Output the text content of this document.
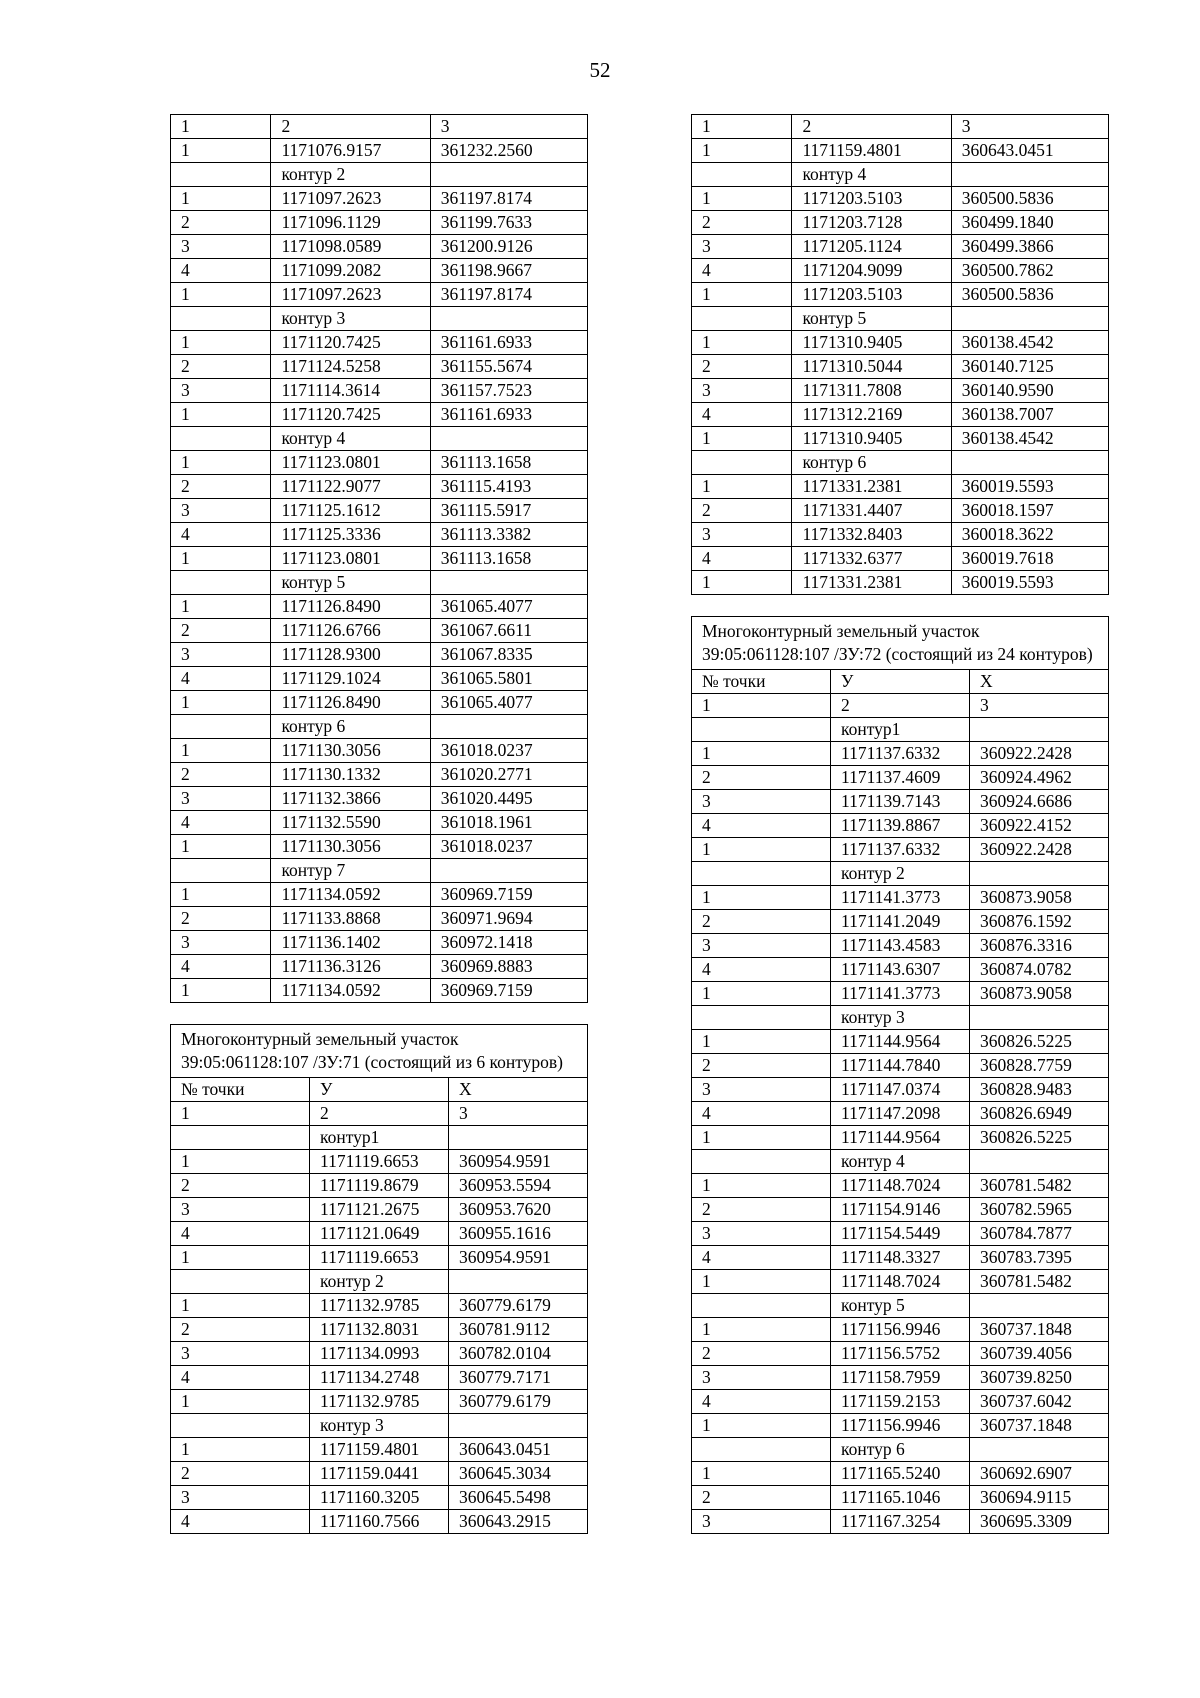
52
1	2	3
1	1171076.9157	361232.2560
	контур 2	
1	1171097.2623	361197.8174
2	1171096.1129	361199.7633
3	1171098.0589	361200.9126
4	1171099.2082	361198.9667
1	1171097.2623	361197.8174
	контур 3	
1	1171120.7425	361161.6933
2	1171124.5258	361155.5674
3	1171114.3614	361157.7523
1	1171120.7425	361161.6933
	контур 4	
1	1171123.0801	361113.1658
2	1171122.9077	361115.4193
3	1171125.1612	361115.5917
4	1171125.3336	361113.3382
1	1171123.0801	361113.1658
	контур 5	
1	1171126.8490	361065.4077
2	1171126.6766	361067.6611
3	1171128.9300	361067.8335
4	1171129.1024	361065.5801
1	1171126.8490	361065.4077
	контур 6	
1	1171130.3056	361018.0237
2	1171130.1332	361020.2771
3	1171132.3866	361020.4495
4	1171132.5590	361018.1961
1	1171130.3056	361018.0237
	контур 7	
1	1171134.0592	360969.7159
2	1171133.8868	360971.9694
3	1171136.1402	360972.1418
4	1171136.3126	360969.8883
1	1171134.0592	360969.7159
Многоконтурный земельный участок 39:05:061128:107 /ЗУ:71 (состоящий из 6 контуров)		
№ точки	У	Х
1	2	3
	контур1	
1	1171119.6653	360954.9591
2	1171119.8679	360953.5594
3	1171121.2675	360953.7620
4	1171121.0649	360955.1616
1	1171119.6653	360954.9591
	контур 2	
1	1171132.9785	360779.6179
2	1171132.8031	360781.9112
3	1171134.0993	360782.0104
4	1171134.2748	360779.7171
1	1171132.9785	360779.6179
	контур 3	
1	1171159.4801	360643.0451
2	1171159.0441	360645.3034
3	1171160.3205	360645.5498
4	1171160.7566	360643.2915
1	2	3
1	1171159.4801	360643.0451
	контур 4	
1	1171203.5103	360500.5836
2	1171203.7128	360499.1840
3	1171205.1124	360499.3866
4	1171204.9099	360500.7862
1	1171203.5103	360500.5836
	контур 5	
1	1171310.9405	360138.4542
2	1171310.5044	360140.7125
3	1171311.7808	360140.9590
4	1171312.2169	360138.7007
1	1171310.9405	360138.4542
	контур 6	
1	1171331.2381	360019.5593
2	1171331.4407	360018.1597
3	1171332.8403	360018.3622
4	1171332.6377	360019.7618
1	1171331.2381	360019.5593
Многоконтурный земельный участок 39:05:061128:107 /ЗУ:72 (состоящий из 24 контуров)		
№ точки	У	Х
1	2	3
	контур1	
1	1171137.6332	360922.2428
2	1171137.4609	360924.4962
3	1171139.7143	360924.6686
4	1171139.8867	360922.4152
1	1171137.6332	360922.2428
	контур 2	
1	1171141.3773	360873.9058
2	1171141.2049	360876.1592
3	1171143.4583	360876.3316
4	1171143.6307	360874.0782
1	1171141.3773	360873.9058
	контур 3	
1	1171144.9564	360826.5225
2	1171144.7840	360828.7759
3	1171147.0374	360828.9483
4	1171147.2098	360826.6949
1	1171144.9564	360826.5225
	контур 4	
1	1171148.7024	360781.5482
2	1171154.9146	360782.5965
3	1171154.5449	360784.7877
4	1171148.3327	360783.7395
1	1171148.7024	360781.5482
	контур 5	
1	1171156.9946	360737.1848
2	1171156.5752	360739.4056
3	1171158.7959	360739.8250
4	1171159.2153	360737.6042
1	1171156.9946	360737.1848
	контур 6	
1	1171165.5240	360692.6907
2	1171165.1046	360694.9115
3	1171167.3254	360695.3309
